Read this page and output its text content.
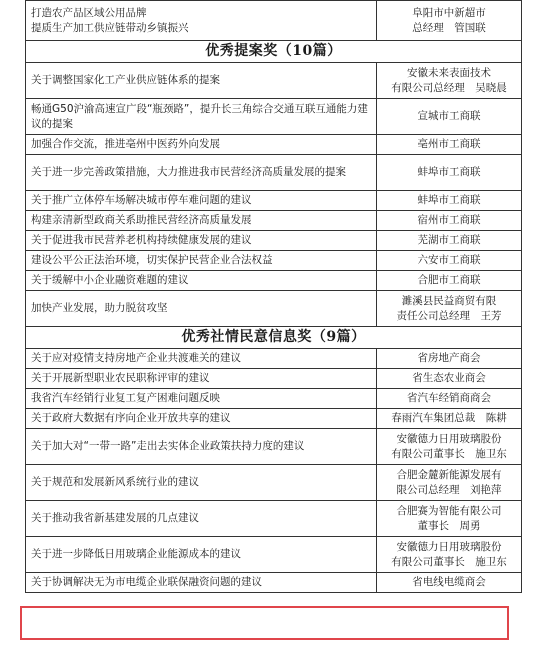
打造农产品区域公用品牌
提质生产加工供应链带动乡镇振兴	阜阳市中新超市
总经理　管国联
优秀提案奖（10篇）	
关于调整国家化工产业供应链体系的提案	安徽未来表面技术
有限公司总经理　吴晓晨
畅通G50沪渝高速宣广段“瓶颈路”，提升长三角综合交通互联互通能力建议的提案	宣城市工商联
加强合作交流，推进亳州中医药外向发展	亳州市工商联
关于进一步完善政策措施，大力推进我市民营经济高质量发展的提案	蚌埠市工商联
关于推广立体停车场解决城市停车难问题的建议	蚌埠市工商联
构建亲清新型政商关系助推民营经济高质量发展	宿州市工商联
关于促进我市民营养老机构持续健康发展的建议	芜湖市工商联
建设公平公正法治环境，切实保护民营企业合法权益	六安市工商联
关于缓解中小企业融资难题的建议	合肥市工商联
加快产业发展，助力脱贫攻坚	濉溪县民益商贸有限
责任公司总经理　王芳
优秀社情民意信息奖（9篇）	
关于应对疫情支持房地产企业共渡难关的建议	省房地产商会
关于开展新型职业农民职称评审的建议	省生态农业商会
我省汽车经销行业复工复产困难问题反映	省汽车经销商商会
关于政府大数据有序向企业开放共享的建议	春雨汽车集团总裁　陈耕
关于加大对“一带一路”走出去实体企业政策扶持力度的建议	安徽德力日用玻璃股份
有限公司董事长　施卫东
关于规范和发展新风系统行业的建议	合肥金麓新能源发展有
限公司总经理　刘艳萍
关于推动我省新基建发展的几点建议	合肥赛为智能有限公司
董事长　周勇
关于进一步降低日用玻璃企业能源成本的建议	安徽德力日用玻璃股份
有限公司董事长　施卫东
关于协调解决无为市电缆企业联保融资问题的建议	省电线电缆商会
